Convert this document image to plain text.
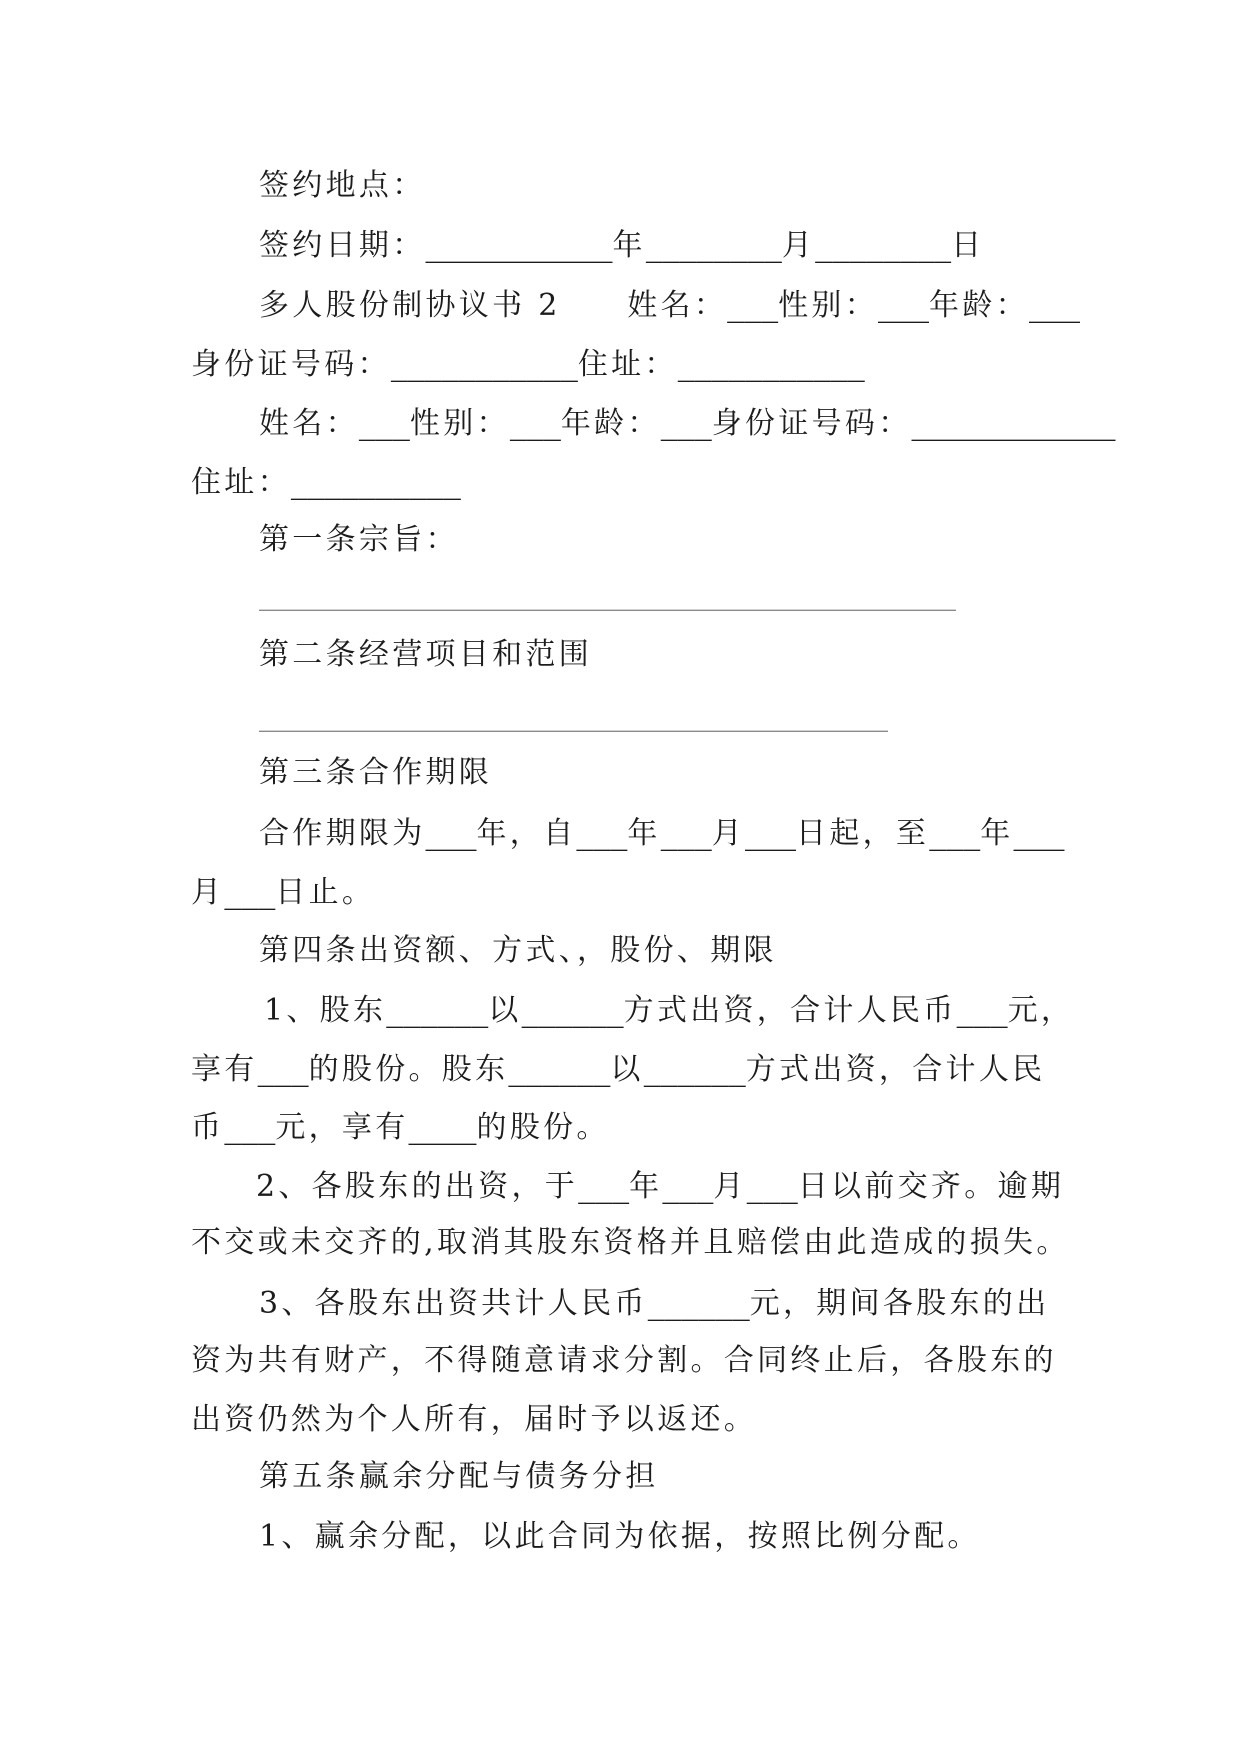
签约地点：
签约日期：___________年________月________日
多人股份制协议书 2　　姓名：___性别：___年龄：___
身份证号码：___________住址：___________
姓名：___性别：___年龄：___身份证号码：____________
住址：__________
第一条宗旨：
_________________________________________
第二条经营项目和范围
_____________________________________
第三条合作期限
合作期限为___年，自___年___月___日起，至___年___
月___日止。
第四条出资额、方式、，股份、期限
1、股东______以______方式出资，合计人民币___元，
享有___的股份。股东______以______方式出资，合计人民
币___元，享有____的股份。
2、各股东的出资，于___年___月___日以前交齐。逾期
不交或未交齐的,取消其股东资格并且赔偿由此造成的损失。
3、各股东出资共计人民币______元，期间各股东的出
资为共有财产，不得随意请求分割。合同终止后，各股东的
出资仍然为个人所有，届时予以返还。
第五条赢余分配与债务分担
1、赢余分配，以此合同为依据，按照比例分配。
